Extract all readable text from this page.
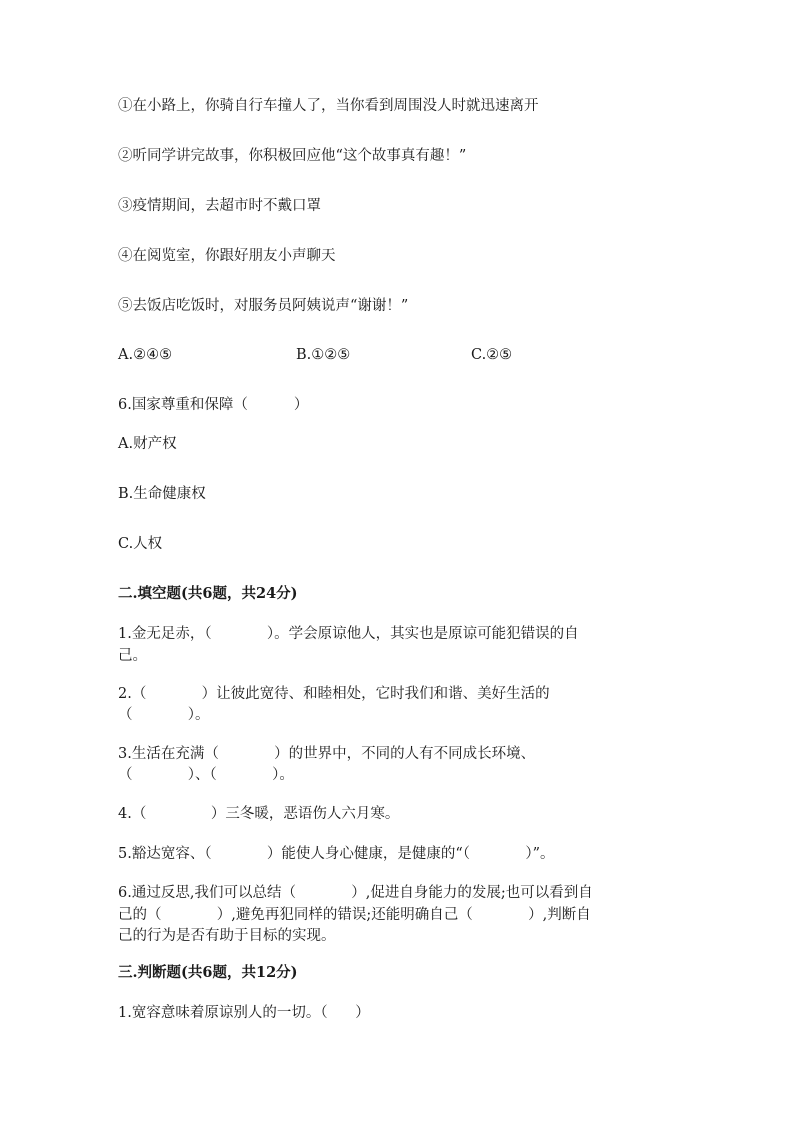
①在小路上，你骑自行车撞人了，当你看到周围没人时就迅速离开

②听同学讲完故事，你积极回应他“这个故事真有趣！”

③疫情期间，去超市时不戴口罩

④在阅览室，你跟好朋友小声聊天

⑤去饭店吃饭时，对服务员阿姨说声“谢谢！”

A.②④⑤	B.①②⑤	C.②⑤

6.国家尊重和保障（          ）

A.财产权

B.生命健康权

C.人权

二.填空题(共6题，共24分)

1.金无足赤，（            ）。学会原谅他人，其实也是原谅可能犯错误的自

己。

2.（            ）让彼此宽待、和睦相处，它时我们和谐、美好生活的

（            ）。

3.生活在充满（            ）的世界中，不同的人有不同成长环境、

（            ）、（            ）。

4.（              ）三冬暖，恶语伤人六月寒。

5.豁达宽容、（            ）能使人身心健康，是健康的“（            ）”。

6.通过反思,我们可以总结（            ）,促进自身能力的发展;也可以看到自

己的（            ）,避免再犯同样的错误;还能明确自己（            ）,判断自

己的行为是否有助于目标的实现。

三.判断题(共6题，共12分)

1.宽容意味着原谅别人的一切。（      ）
